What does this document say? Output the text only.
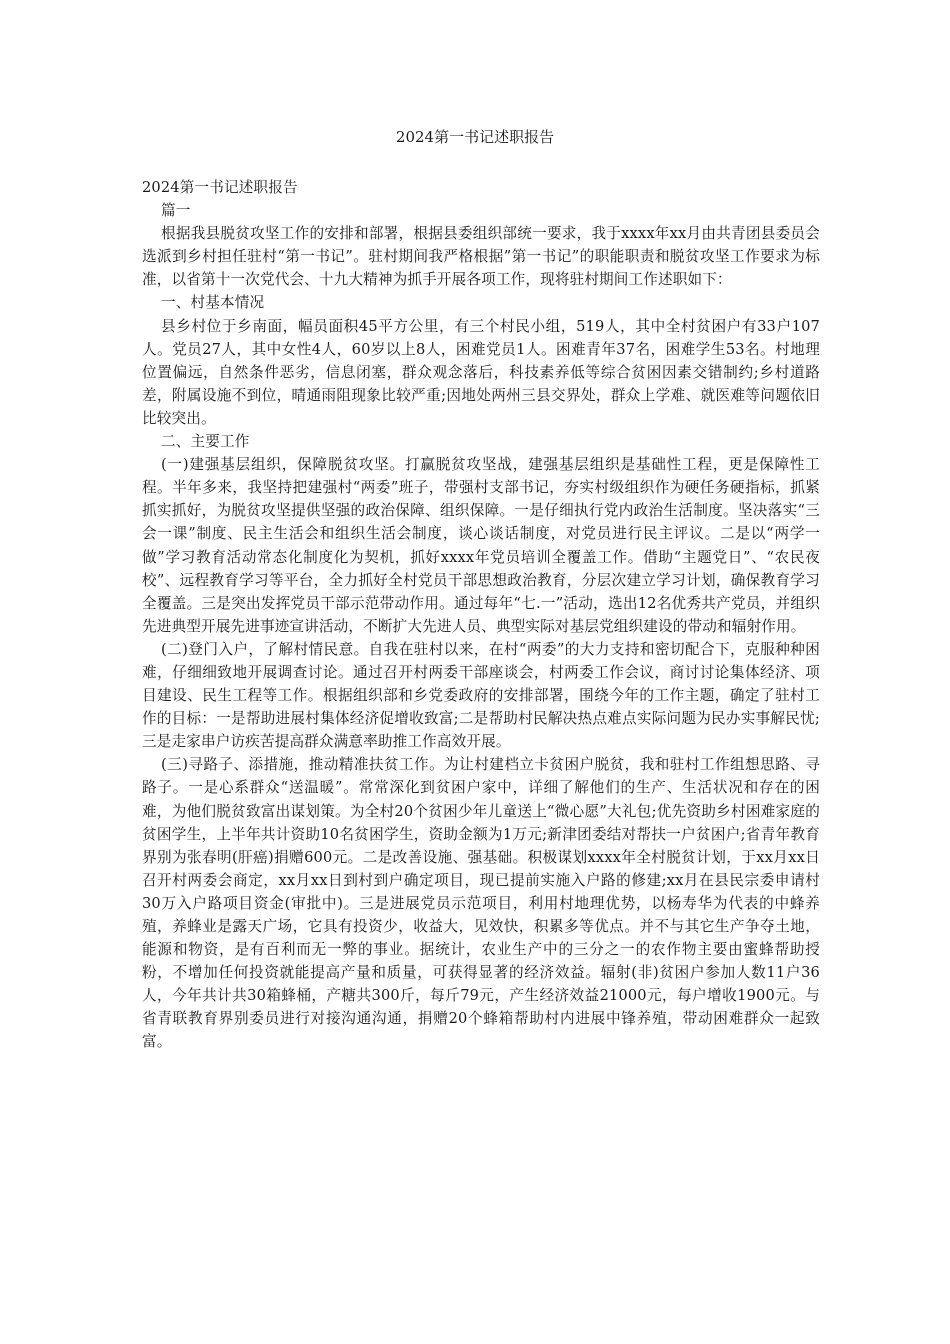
2024第一书记述职报告

2024第一书记述职报告

篇一

根据我县脱贫攻坚工作的安排和部署，根据县委组织部统一要求，我于xxxx年xx月由共青团县委员会选派到乡村担任驻村“第一书记”。驻村期间我严格根据”第一书记”的职能职责和脱贫攻坚工作要求为标准，以省第十一次党代会、十九大精神为抓手开展各项工作，现将驻村期间工作述职如下：

一、村基本情况

县乡村位于乡南面，幅员面积45平方公里，有三个村民小组，519人，其中全村贫困户有33户107人。党员27人，其中女性4人，60岁以上8人，困难党员1人。困难青年37名，困难学生53名。村地理位置偏远，自然条件恶劣，信息闭塞，群众观念落后，科技素养低等综合贫困因素交错制约;乡村道路差，附属设施不到位，晴通雨阻现象比较严重;因地处两州三县交界处，群众上学难、就医难等问题依旧比较突出。

二、主要工作

(一)建强基层组织，保障脱贫攻坚。打赢脱贫攻坚战，建强基层组织是基础性工程，更是保障性工程。半年多来，我坚持把建强村“两委”班子，带强村支部书记，夯实村级组织作为硬任务硬指标，抓紧抓实抓好，为脱贫攻坚提供坚强的政治保障、组织保障。一是仔细执行党内政治生活制度。坚决落实“三会一课”制度、民主生活会和组织生活会制度，谈心谈话制度，对党员进行民主评议。二是以“两学一做”学习教育活动常态化制度化为契机，抓好xxxx年党员培训全覆盖工作。借助“主题党日”、“农民夜校”、远程教育学习等平台，全力抓好全村党员干部思想政治教育，分层次建立学习计划，确保教育学习全覆盖。三是突出发挥党员干部示范带动作用。通过每年“七.一”活动，选出12名优秀共产党员，并组织先进典型开展先进事迹宣讲活动，不断扩大先进人员、典型实际对基层党组织建设的带动和辐射作用。

(二)登门入户，了解村情民意。自我在驻村以来，在村“两委”的大力支持和密切配合下，克服种种困难，仔细细致地开展调查讨论。通过召开村两委干部座谈会，村两委工作会议，商讨讨论集体经济、项目建设、民生工程等工作。根据组织部和乡党委政府的安排部署，围绕今年的工作主题，确定了驻村工作的目标：一是帮助进展村集体经济促增收致富;二是帮助村民解决热点难点实际问题为民办实事解民忧;三是走家串户访疾苦提高群众满意率助推工作高效开展。

(三)寻路子、添措施，推动精准扶贫工作。为让村建档立卡贫困户脱贫，我和驻村工作组想思路、寻路子。一是心系群众“送温暖”。常常深化到贫困户家中，详细了解他们的生产、生活状况和存在的困难，为他们脱贫致富出谋划策。为全村20个贫困少年儿童送上“微心愿”大礼包;优先资助乡村困难家庭的贫困学生，上半年共计资助10名贫困学生，资助金额为1万元;新津团委结对帮扶一户贫困户;省青年教育界别为张春明(肝癌)捐赠600元。二是改善设施、强基础。积极谋划xxxx年全村脱贫计划，于xx月xx日召开村两委会商定，xx月xx日到村到户确定项目，现已提前实施入户路的修建;xx月在县民宗委申请村30万入户路项目资金(审批中)。三是进展党员示范项目，利用村地理优势，以杨寿华为代表的中蜂养殖，养蜂业是露天广场，它具有投资少，收益大，见效快，积累多等优点。并不与其它生产争夺土地，能源和物资，是有百利而无一弊的事业。据统计，农业生产中的三分之一的农作物主要由蜜蜂帮助授粉，不增加任何投资就能提高产量和质量，可获得显著的经济效益。辐射(非)贫困户参加人数11户36人，今年共计共30箱蜂桶，产糖共300斤，每斤79元，产生经济效益21000元，每户增收1900元。与省青联教育界别委员进行对接沟通沟通，捐赠20个蜂箱帮助村内进展中锋养殖，带动困难群众一起致富。
